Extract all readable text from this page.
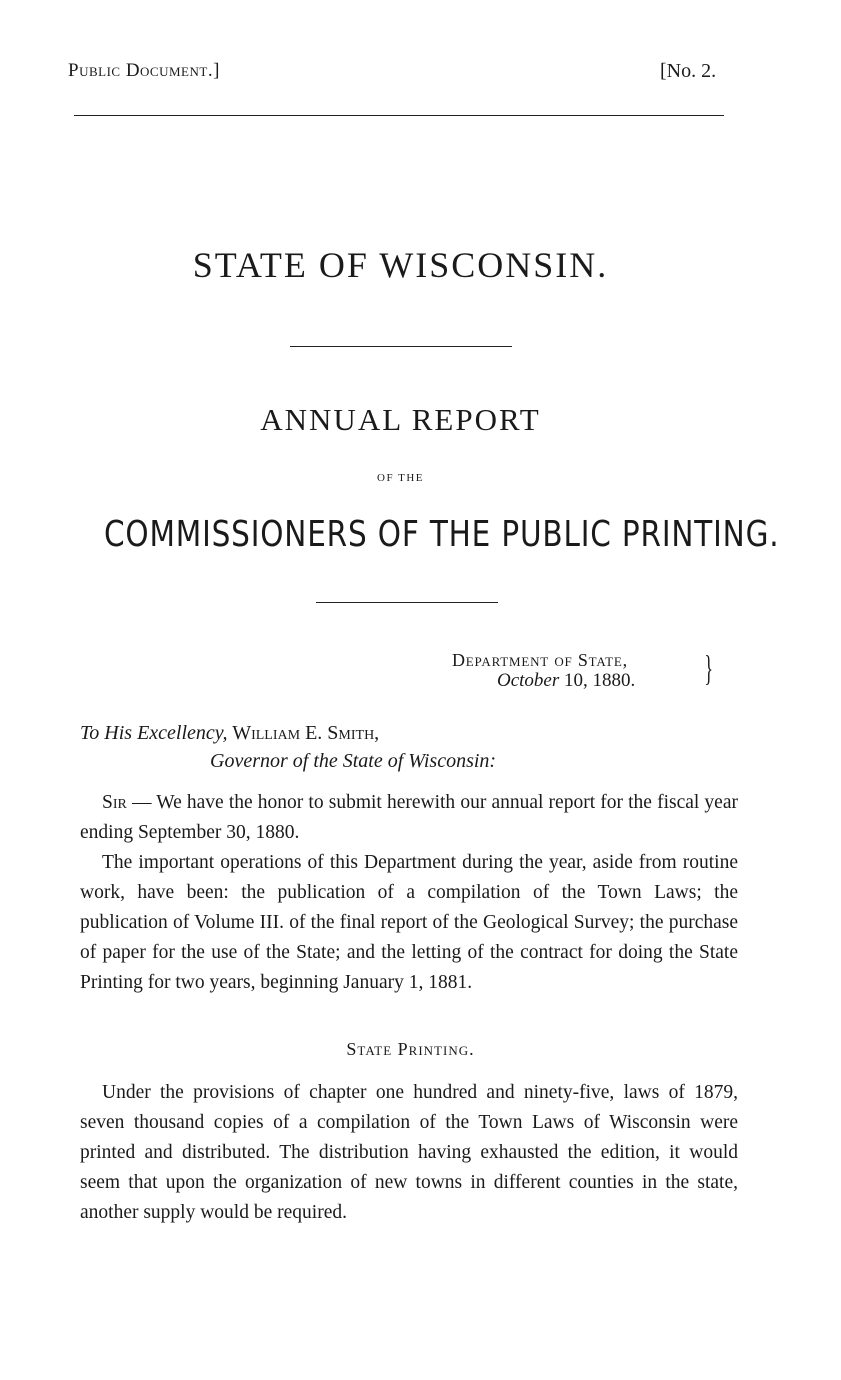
Public Document.]	[No. 2.
STATE OF WISCONSIN.
ANNUAL REPORT
OF THE
COMMISSIONERS OF THE PUBLIC PRINTING.
Department of State,
October 10, 1880. }
To His Excellency, William E. Smith,
Governor of the State of Wisconsin:

Sir — We have the honor to submit herewith our annual report for the fiscal year ending September 30, 1880.

The important operations of this Department during the year, aside from routine work, have been: the publication of a compilation of the Town Laws; the publication of Volume III. of the final report of the Geological Survey; the purchase of paper for the use of the State; and the letting of the contract for doing the State Printing for two years, beginning January 1, 1881.

State Printing.

Under the provisions of chapter one hundred and ninety-five, laws of 1879, seven thousand copies of a compilation of the Town Laws of Wisconsin were printed and distributed. The distribution having exhausted the edition, it would seem that upon the organization of new towns in different counties in the state, another supply would be required.
